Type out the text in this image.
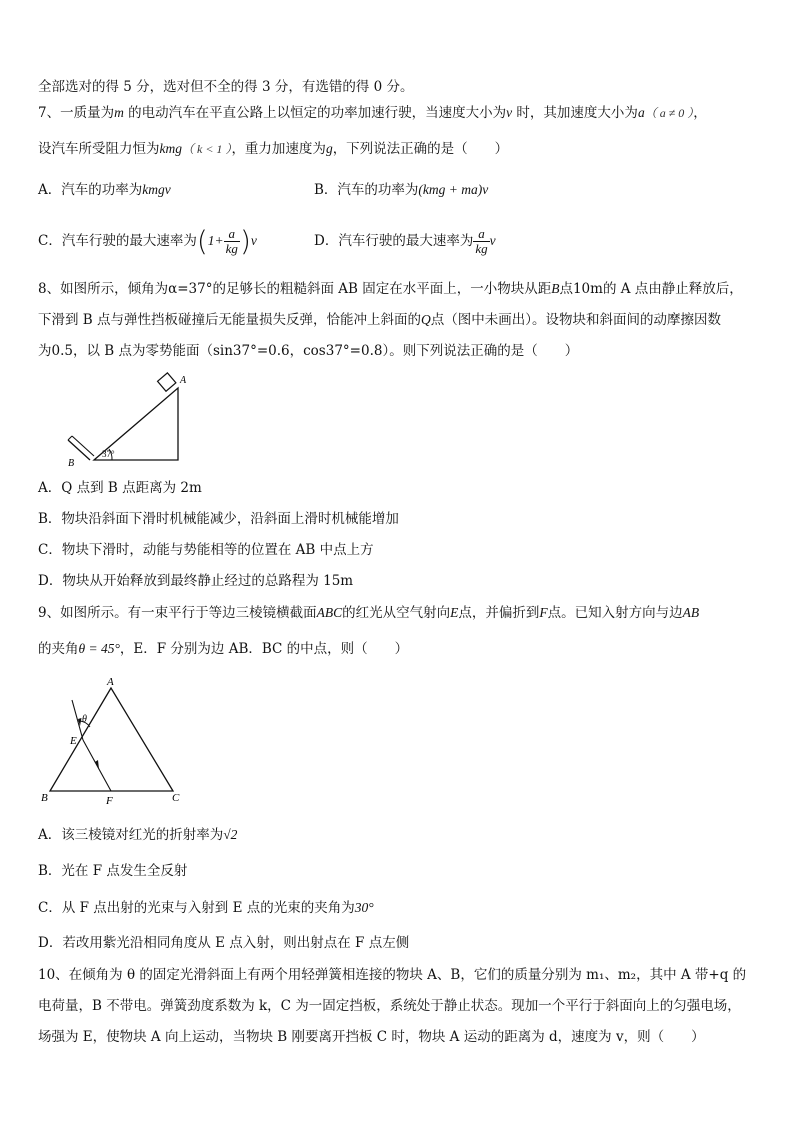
全部选对的得 5 分，选对但不全的得 3 分，有选错的得 0 分。
7、一质量为m 的电动汽车在平直公路上以恒定的功率加速行驶，当速度大小为v 时，其加速度大小为a（ a ≠ 0 ），
设汽车所受阻力恒为kmg（ k < 1 ），重力加速度为g，下列说法正确的是（　　）
A．汽车的功率为kmgv	B．汽车的功率为(kmg + ma)v
C．汽车行驶的最大速率为$(1+ \frac{a}{kg} )v$	D．汽车行驶的最大速率为 $\frac{a}{kg}$ v
8、如图所示，倾角为α=37°的足够长的粗糙斜面 AB 固定在水平面上，一小物块从距B点10m的 A 点由静止释放后，
下滑到 B 点与弹性挡板碰撞后无能量损失反弹，恰能冲上斜面的Q点（图中未画出）。设物块和斜面间的动摩擦因数
为0.5，以 B 点为零势能面（sin37°=0.6，cos37°=0.8）。则下列说法正确的是（　　）
A
B
37°
A．Q 点到 B 点距离为 2m
B．物块沿斜面下滑时机械能减少，沿斜面上滑时机械能增加
C．物块下滑时，动能与势能相等的位置在 AB 中点上方
D．物块从开始释放到最终静止经过的总路程为 15m
9、如图所示。有一束平行于等边三棱镜横截面ABC的红光从空气射向E点，并偏折到F点。已知入射方向与边AB
的夹角θ = 45°，E．F 分别为边 AB．BC 的中点，则（　　）
A
B	C
E
F
θ
A．该三棱镜对红光的折射率为√2
B．光在 F 点发生全反射
C．从 F 点出射的光束与入射到 E 点的光束的夹角为30°
D．若改用紫光沿相同角度从 E 点入射，则出射点在 F 点左侧
10、在倾角为 θ 的固定光滑斜面上有两个用轻弹簧相连接的物块 A、B，它们的质量分别为 m₁、m₂，其中 A 带+q 的
电荷量，B 不带电。弹簧劲度系数为 k，C 为一固定挡板，系统处于静止状态。现加一个平行于斜面向上的匀强电场，
场强为 E，使物块 A 向上运动，当物块 B 刚要离开挡板 C 时，物块 A 运动的距离为 d，速度为 v，则（　　）
